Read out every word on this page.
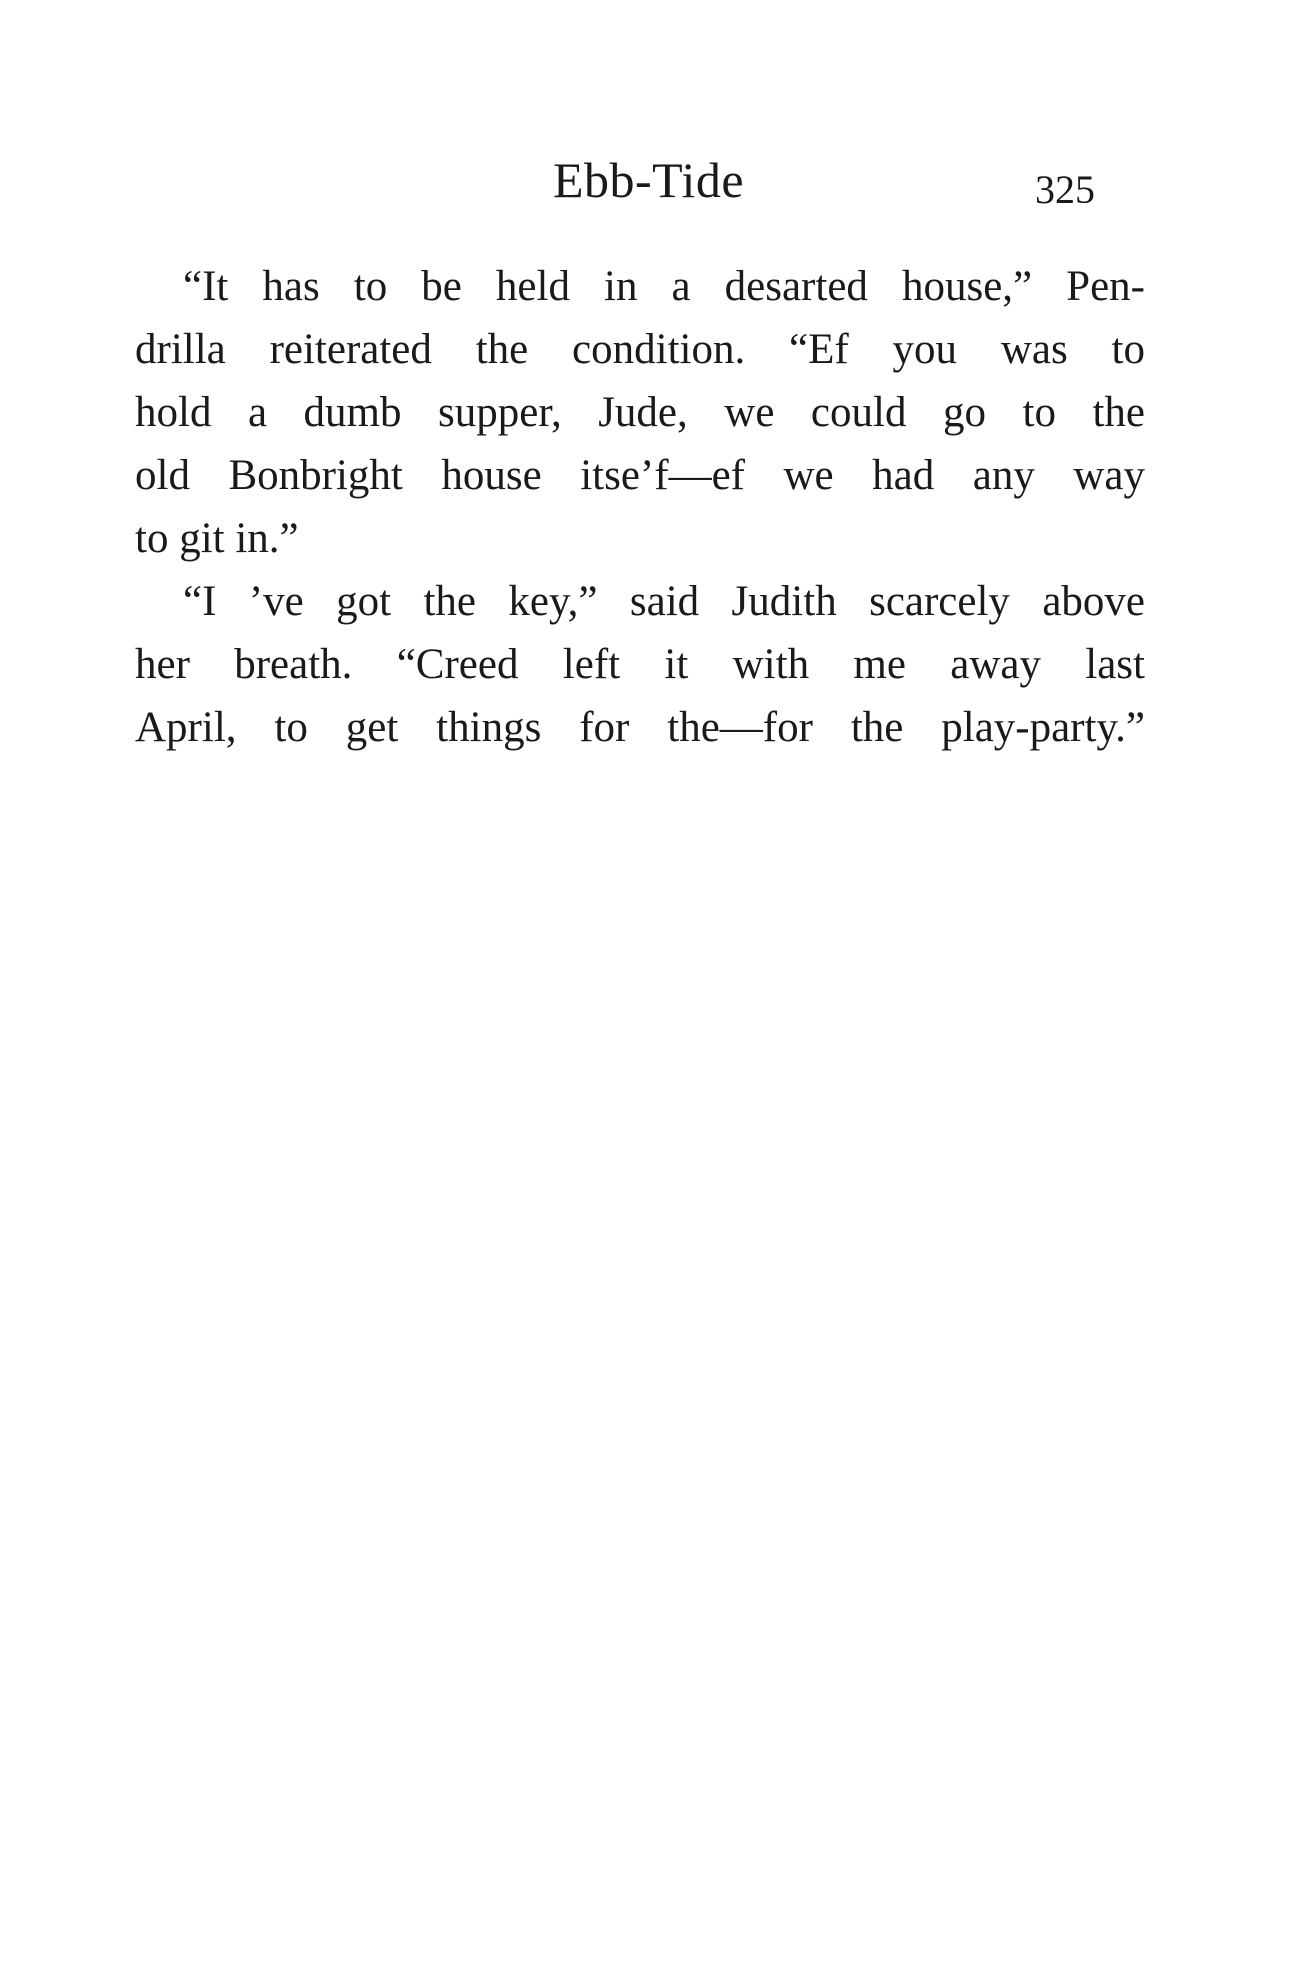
Ebb-Tide	325
“It has to be held in a desarted house,” Pen-
drilla reiterated the condition. “Ef you was to
hold a dumb supper, Jude, we could go to the
old Bonbright house itse’f—ef we had any way
to git in.”
“I ’ve got the key,” said Judith scarcely above
her breath. “Creed left it with me away last
April, to get things for the—for the play-party.”
